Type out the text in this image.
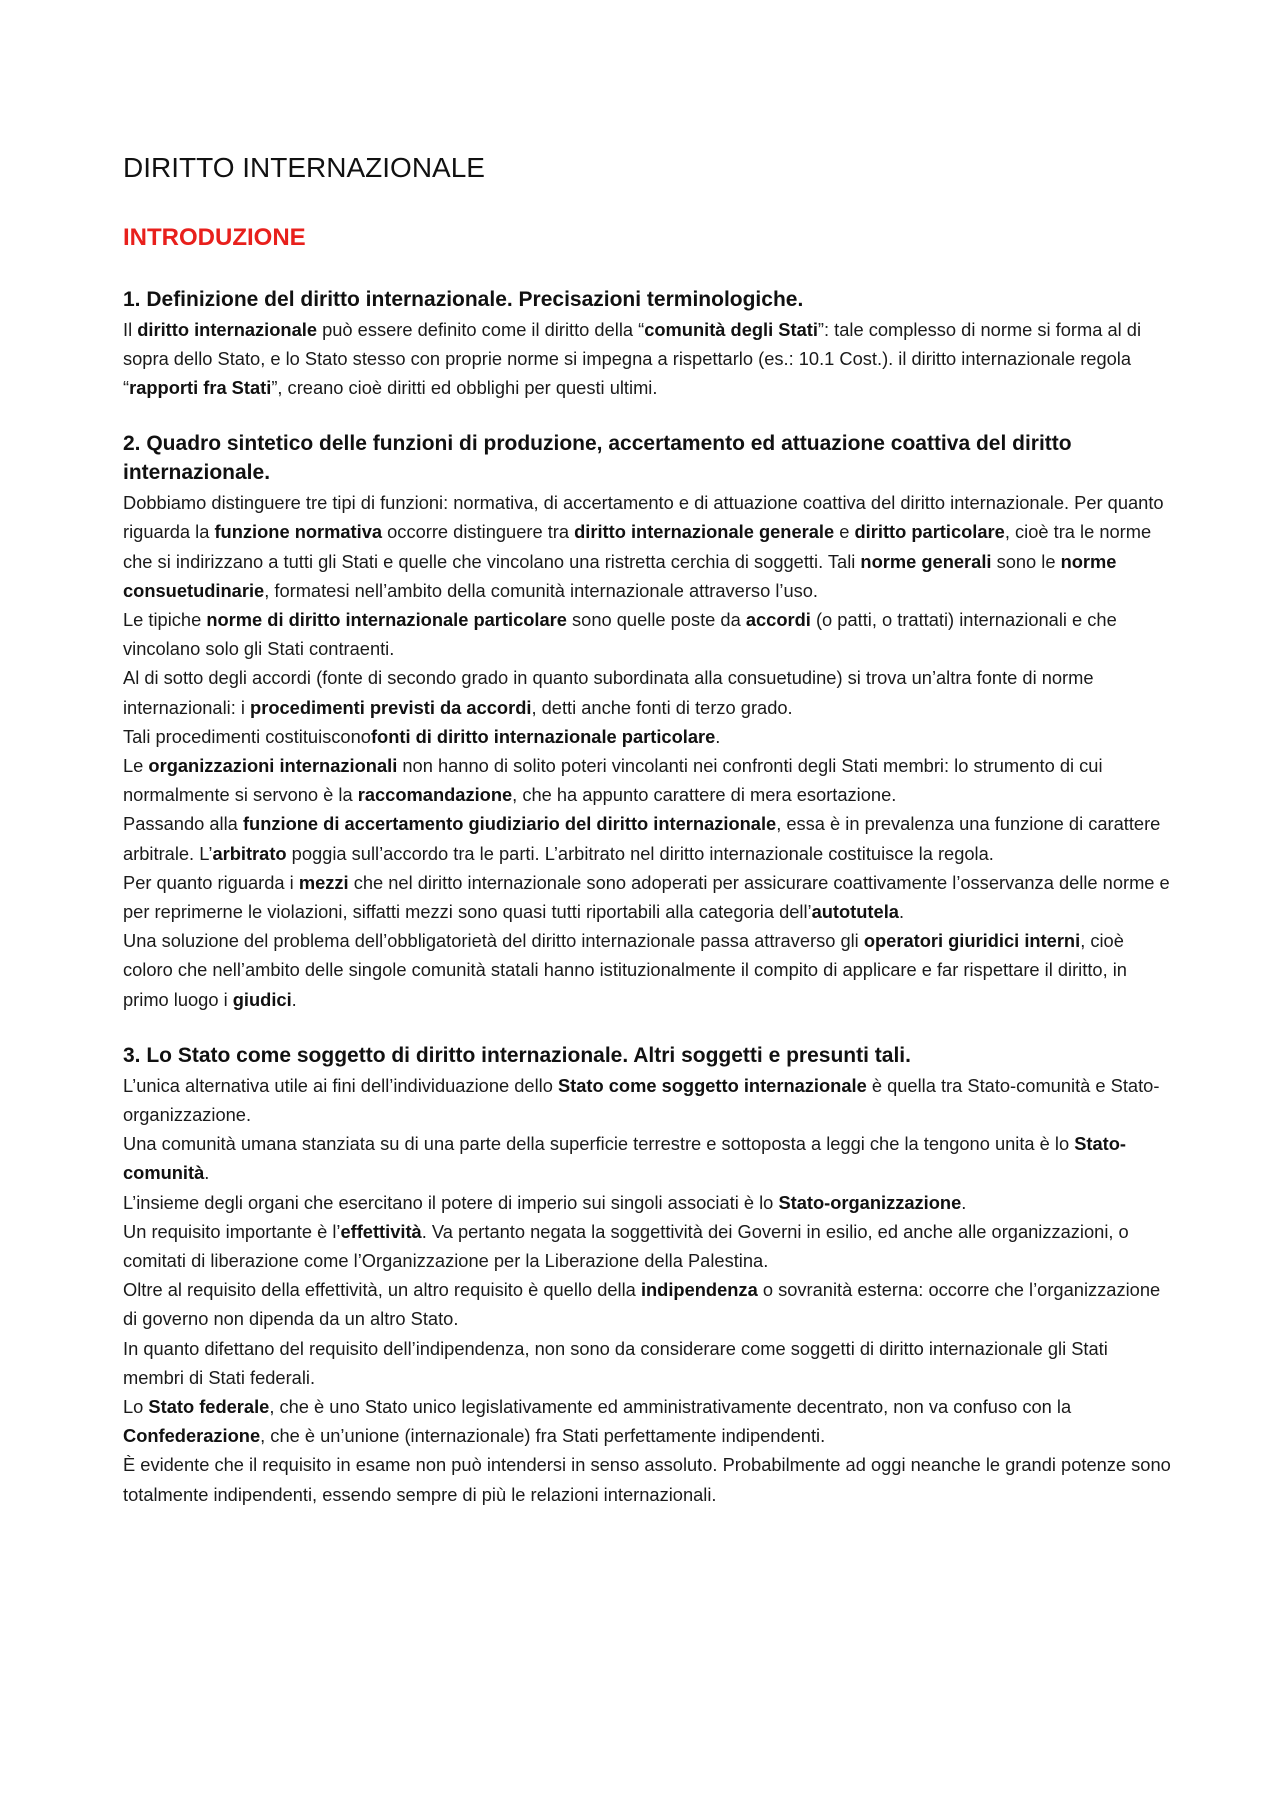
DIRITTO INTERNAZIONALE
INTRODUZIONE
1. Definizione del diritto internazionale. Precisazioni terminologiche.

Il diritto internazionale può essere definito come il diritto della “comunità degli Stati”: tale complesso di norme si forma al di sopra dello Stato, e lo Stato stesso con proprie norme si impegna a rispettarlo (es.: 10.1 Cost.). il diritto internazionale regola “rapporti fra Stati”, creano cioè diritti ed obblighi per questi ultimi.

2. Quadro sintetico delle funzioni di produzione, accertamento ed attuazione coattiva del diritto internazionale.

Dobbiamo distinguere tre tipi di funzioni: normativa, di accertamento e di attuazione coattiva del diritto internazionale. Per quanto riguarda la funzione normativa occorre distinguere tra diritto internazionale generale e diritto particolare, cioè tra le norme che si indirizzano a tutti gli Stati e quelle che vincolano una ristretta cerchia di soggetti. Tali norme generali sono le norme consuetudinarie, formatesi nell’ambito della comunità internazionale attraverso l’uso.

Le tipiche norme di diritto internazionale particolare sono quelle poste da accordi (o patti, o trattati) internazionali e che vincolano solo gli Stati contraenti.

Al di sotto degli accordi (fonte di secondo grado in quanto subordinata alla consuetudine) si trova un’altra fonte di norme internazionali: i procedimenti previsti da accordi, detti anche fonti di terzo grado.

Tali procedimenti costituisconofonti di diritto internazionale particolare.

Le organizzazioni internazionali non hanno di solito poteri vincolanti nei confronti degli Stati membri: lo strumento di cui normalmente si servono è la raccomandazione, che ha appunto carattere di mera esortazione.

Passando alla funzione di accertamento giudiziario del diritto internazionale, essa è in prevalenza una funzione di carattere arbitrale. L’arbitrato poggia sull’accordo tra le parti. L’arbitrato nel diritto internazionale costituisce la regola.

Per quanto riguarda i mezzi che nel diritto internazionale sono adoperati per assicurare coattivamente l’osservanza delle norme e per reprimerne le violazioni, siffatti mezzi sono quasi tutti riportabili alla categoria dell’autotutela.

Una soluzione del problema dell’obbligatorietà del diritto internazionale passa attraverso gli operatori giuridici interni, cioè coloro che nell’ambito delle singole comunità statali hanno istituzionalmente il compito di applicare e far rispettare il diritto, in primo luogo i giudici.

3. Lo Stato come soggetto di diritto internazionale. Altri soggetti e presunti tali.

L’unica alternativa utile ai fini dell’individuazione dello Stato come soggetto internazionale è quella tra Stato-comunità e Stato-organizzazione.

Una comunità umana stanziata su di una parte della superficie terrestre e sottoposta a leggi che la tengono unita è lo Stato-comunità.

L’insieme degli organi che esercitano il potere di imperio sui singoli associati è lo Stato-organizzazione.

Un requisito importante è l’effettività. Va pertanto negata la soggettività dei Governi in esilio, ed anche alle organizzazioni, o comitati di liberazione come l’Organizzazione per la Liberazione della Palestina.

Oltre al requisito della effettività, un altro requisito è quello della indipendenza o sovranità esterna: occorre che l’organizzazione di governo non dipenda da un altro Stato.

In quanto difettano del requisito dell’indipendenza, non sono da considerare come soggetti di diritto internazionale gli Stati membri di Stati federali.

Lo Stato federale, che è uno Stato unico legislativamente ed amministrativamente decentrato, non va confuso con la Confederazione, che è un’unione (internazionale) fra Stati perfettamente indipendenti.

È evidente che il requisito in esame non può intendersi in senso assoluto. Probabilmente ad oggi neanche le grandi potenze sono totalmente indipendenti, essendo sempre di più le relazioni internazionali.
